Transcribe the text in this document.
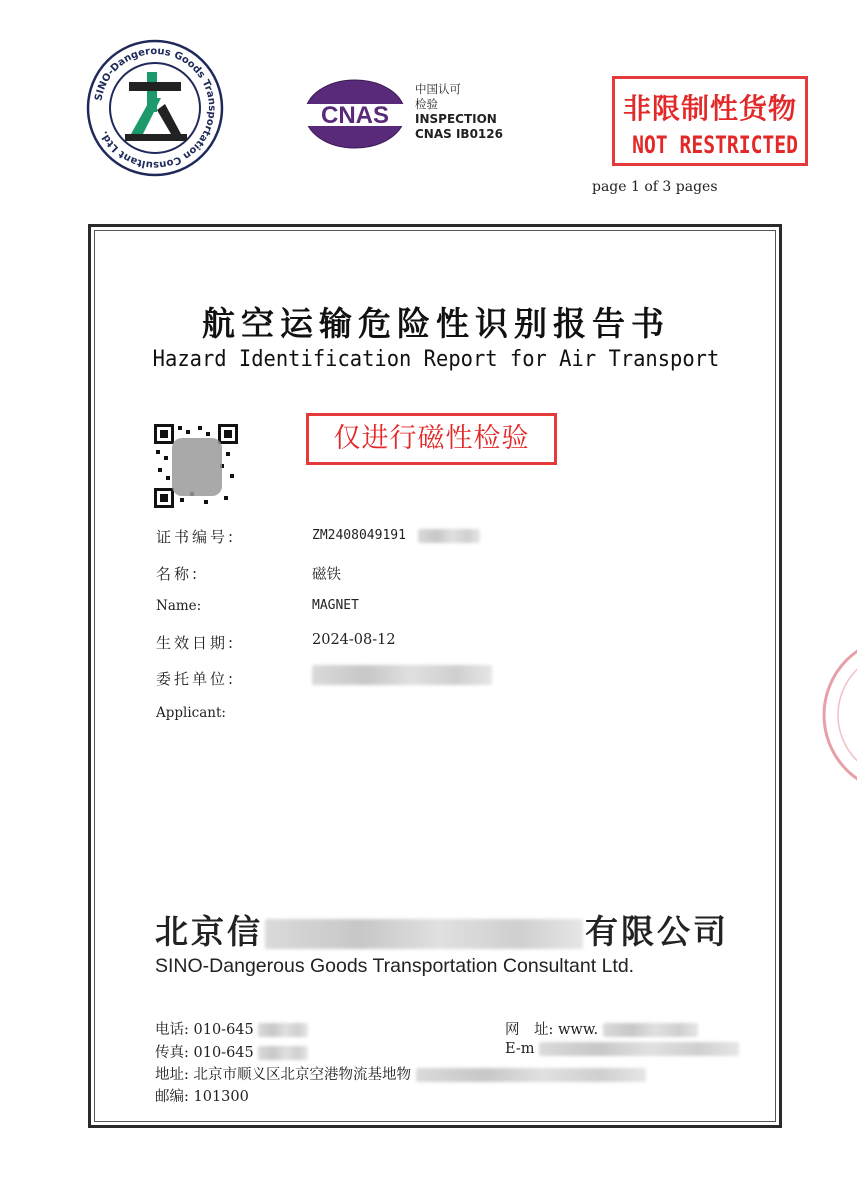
SINO-Dangerous Goods Transportation Consultant Ltd.
CNAS
中国认可
检验
INSPECTION
CNAS IB0126
非限制性货物
NOT RESTRICTED
page 1 of 3 pages
航空运输危险性识别报告书
Hazard Identification Report for Air Transport
仅进行磁性检验
证书编号:	ZM2408049191
名称:	磁铁
Name:	MAGNET
生效日期:	2024-08-12
委托单位:
Applicant:
北京信	有限公司
SINO-Dangerous Goods Transportation Consultant Ltd.
电话: 010-645
传真: 010-645
地址: 北京市顺义区北京空港物流基地物
邮编: 101300
网　址: www.
E-m
